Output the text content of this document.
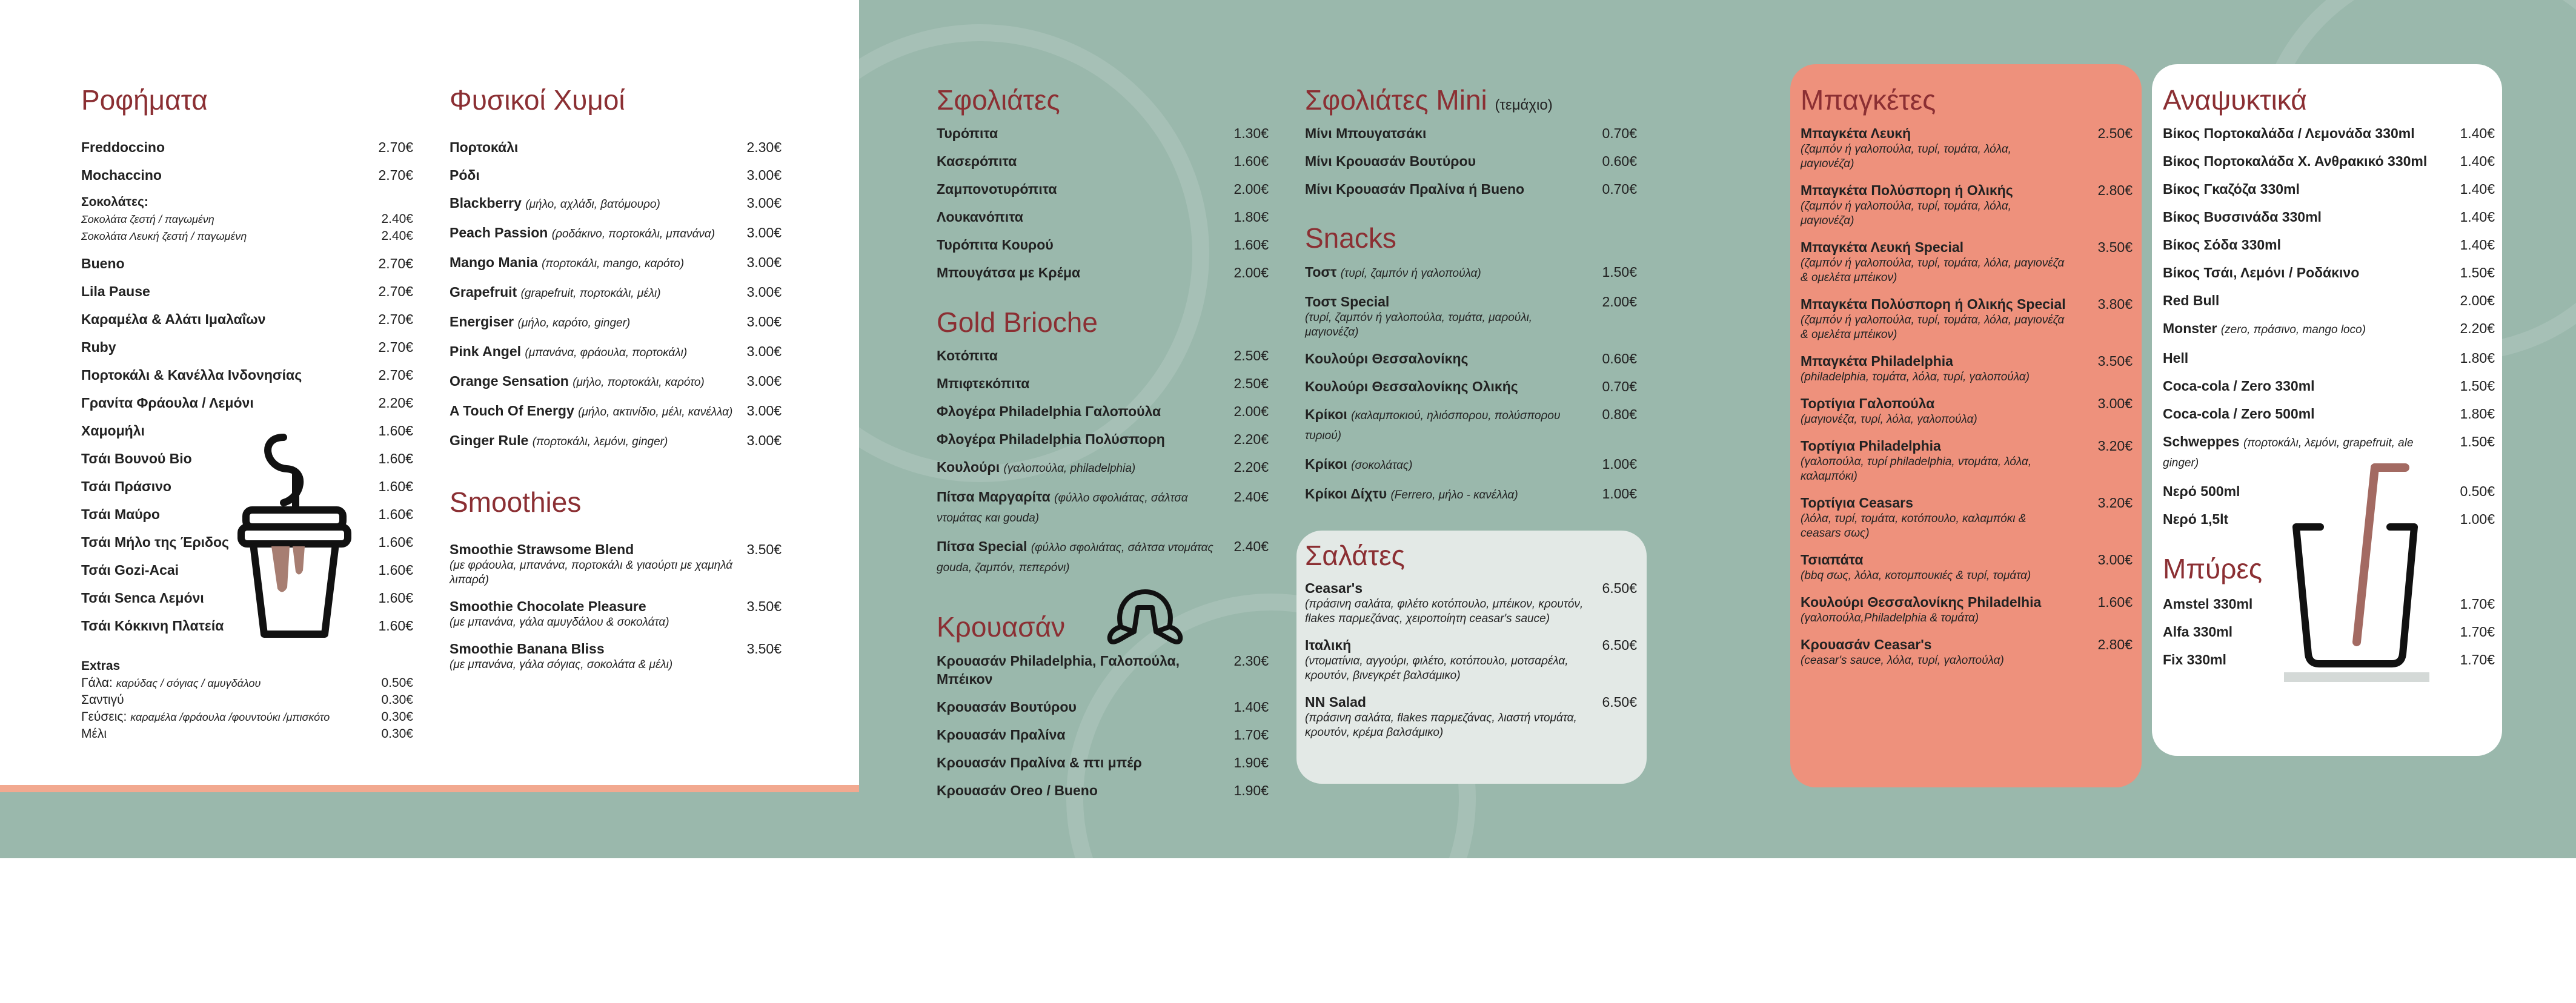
Ροφήματα
Freddoccino	2.70€
Mochaccino	2.70€
Σοκολάτες:
Σοκολάτα ζεστή / παγωμένη	2.40€
Σοκολάτα Λευκή ζεστή / παγωμένη	2.40€
Bueno	2.70€
Lila Pause	2.70€
Καραμέλα & Αλάτι Ιμαλαΐων	2.70€
Ruby	2.70€
Πορτοκάλι & Κανέλλα Ινδονησίας	2.70€
Γρανίτα Φράουλα / Λεμόνι	2.20€
Χαμομήλι	1.60€
Τσάι Βουνού Bio	1.60€
Τσάι Πράσινο	1.60€
Τσάι Μαύρο	1.60€
Τσάι Μήλο της Έριδος	1.60€
Τσάι Gozi-Acai	1.60€
Τσάι Senca Λεμόνι	1.60€
Τσάι Κόκκινη Πλατεία	1.60€
Extras
Γάλα: καρύδας / σόγιας / αμυγδάλου	0.50€
Σαντιγύ	0.30€
Γεύσεις: καραμέλα /φράουλα /φουντούκι /μπισκότο	0.30€
Μέλι	0.30€
Φυσικοί Χυμοί
Πορτοκάλι	2.30€
Ρόδι	3.00€
Blackberry (μήλο, αχλάδι, βατόμουρο)	3.00€
Peach Passion (ροδάκινο, πορτοκάλι, μπανάνα)	3.00€
Mango Mania (πορτοκάλι, mango, καρότο)	3.00€
Grapefruit (grapefruit, πορτοκάλι, μέλι)	3.00€
Energiser (μήλο, καρότο, ginger)	3.00€
Pink Angel (μπανάνα, φράουλα, πορτοκάλι)	3.00€
Orange Sensation (μήλο, πορτοκάλι, καρότο)	3.00€
A Touch Of Energy (μήλο, ακτινίδιο, μέλι, κανέλλα)	3.00€
Ginger Rule (πορτοκάλι, λεμόνι, ginger)	3.00€
Smoothies
Smoothie Strawsome Blend
(με φράουλα, μπανάνα, πορτοκάλι & γιαούρτι με χαμηλά λιπαρά)
3.50€
Smoothie Chocolate Pleasure
(με μπανάνα, γάλα αμυγδάλου & σοκολάτα)
3.50€
Smoothie Banana Bliss
(με μπανάνα, γάλα σόγιας, σοκολάτα & μέλι)
3.50€
Σφολιάτες
Τυρόπιτα	1.30€
Κασερόπιτα	1.60€
Ζαμπονοτυρόπιτα	2.00€
Λουκανόπιτα	1.80€
Τυρόπιτα Κουρού	1.60€
Μπουγάτσα με Κρέμα	2.00€
Gold Brioche
Κοτόπιτα	2.50€
Μπιφτεκόπιτα	2.50€
Φλογέρα Philadelphia Γαλοπούλα	2.00€
Φλογέρα Philadelphia Πολύσπορη	2.20€
Κουλούρι (γαλοπούλα, philadelphia)	2.20€
Πίτσα Μαργαρίτα (φύλλο σφολιάτας, σάλτσα ντομάτας και gouda)
2.40€
Πίτσα Special (φύλλο σφολιάτας, σάλτσα ντομάτας gouda, ζαμπόν, πεπερόνι)
2.40€
Κρουασάν
Κρουασάν Philadelphia, Γαλοπούλα, Μπέικον
2.30€
Κρουασάν Βουτύρου	1.40€
Κρουασάν Πραλίνα	1.70€
Κρουασάν Πραλίνα & πτι μπέρ	1.90€
Κρουασάν Oreo / Bueno	1.90€
Σφολιάτες Mini (τεμάχιο)
Μίνι Μπουγατσάκι	0.70€
Μίνι Κρουασάν Βουτύρου	0.60€
Μίνι Κρουασάν Πραλίνα ή Bueno	0.70€
Snacks
Τοστ (τυρί, ζαμπόν ή γαλοπούλα)	1.50€
Τοστ Special
(τυρί, ζαμπόν ή γαλοπούλα, τομάτα, μαρούλι, μαγιονέζα)
2.00€
Κουλούρι Θεσσαλονίκης	0.60€
Κουλούρι Θεσσαλονίκης Ολικής	0.70€
Κρίκοι (καλαμποκιού, ηλιόσπορου, πολύσπορου τυριού)
0.80€
Κρίκοι (σοκολάτας)	1.00€
Κρίκοι Δίχτυ (Ferrero, μήλο - κανέλλα)	1.00€
Σαλάτες
Ceasar's
(πράσινη σαλάτα, φιλέτο κοτόπουλο, μπέικον, κρουτόν, flakes παρμεζάνας, χειροποίητη ceasar's sauce)
6.50€
Ιταλική
(ντοματίνια, αγγούρι, φιλέτο, κοτόπουλο, μοτσαρέλα, κρουτόν, βινεγκρέτ βαλσάμικο)
6.50€
NN Salad
(πράσινη σαλάτα, flakes παρμεζάνας, λιαστή ντομάτα, κρουτόν, κρέμα βαλσάμικο)
6.50€
Μπαγκέτες
Μπαγκέτα Λευκή
(ζαμπόν ή γαλοπούλα, τυρί, τομάτα, λόλα, μαγιονέζα)
2.50€
Μπαγκέτα Πολύσπορη ή Ολικής
(ζαμπόν ή γαλοπούλα, τυρί, τομάτα, λόλα, μαγιονέζα)
2.80€
Μπαγκέτα Λευκή Special
(ζαμπόν ή γαλοπούλα, τυρί, τομάτα, λόλα, μαγιονέζα & ομελέτα μπέικον)
3.50€
Μπαγκέτα Πολύσπορη ή Ολικής Special
(ζαμπόν ή γαλοπούλα, τυρί, τομάτα, λόλα, μαγιονέζα & ομελέτα μπέικον)
3.80€
Μπαγκέτα Philadelphia
(philadelphia, τομάτα, λόλα, τυρί, γαλοπούλα)
3.50€
Τορτίγια Γαλοπούλα
(μαγιονέζα, τυρί, λόλα, γαλοπούλα)
3.00€
Τορτίγια Philadelphia
(γαλοπούλα, τυρί philadelphia, ντομάτα, λόλα, καλαμπόκι)
3.20€
Τορτίγια Ceasars
(λόλα, τυρί, τομάτα, κοτόπουλο, καλαμπόκι & ceasars σως)
3.20€
Τσιαπάτα
(bbq σως, λόλα, κοτομπουκιές & τυρί, τομάτα)
3.00€
Κουλούρι Θεσσαλονίκης Philadelhia
(γαλοπούλα,Philadelphia & τομάτα)
1.60€
Κρουασάν Ceasar's
(ceasar's sauce, λόλα, τυρί, γαλοπούλα)
2.80€
Αναψυκτικά
Βίκος Πορτοκαλάδα / Λεμονάδα 330ml	1.40€
Βίκος Πορτοκαλάδα Χ. Ανθρακικό 330ml	1.40€
Βίκος Γκαζόζα 330ml	1.40€
Βίκος Βυσσινάδα 330ml	1.40€
Βίκος Σόδα 330ml	1.40€
Βίκος Τσάι, Λεμόνι / Ροδάκινο	1.50€
Red Bull	2.00€
Monster (zero, πράσινο, mango loco)	2.20€
Hell	1.80€
Coca-cola / Zero 330ml	1.50€
Coca-cola / Zero 500ml	1.80€
Schweppes (πορτοκάλι, λεμόνι, grapefruit, ale ginger)
1.50€
Νερό 500ml	0.50€
Νερό 1,5lt	1.00€
Μπύρες
Amstel 330ml	1.70€
Alfa 330ml	1.70€
Fix 330ml	1.70€
